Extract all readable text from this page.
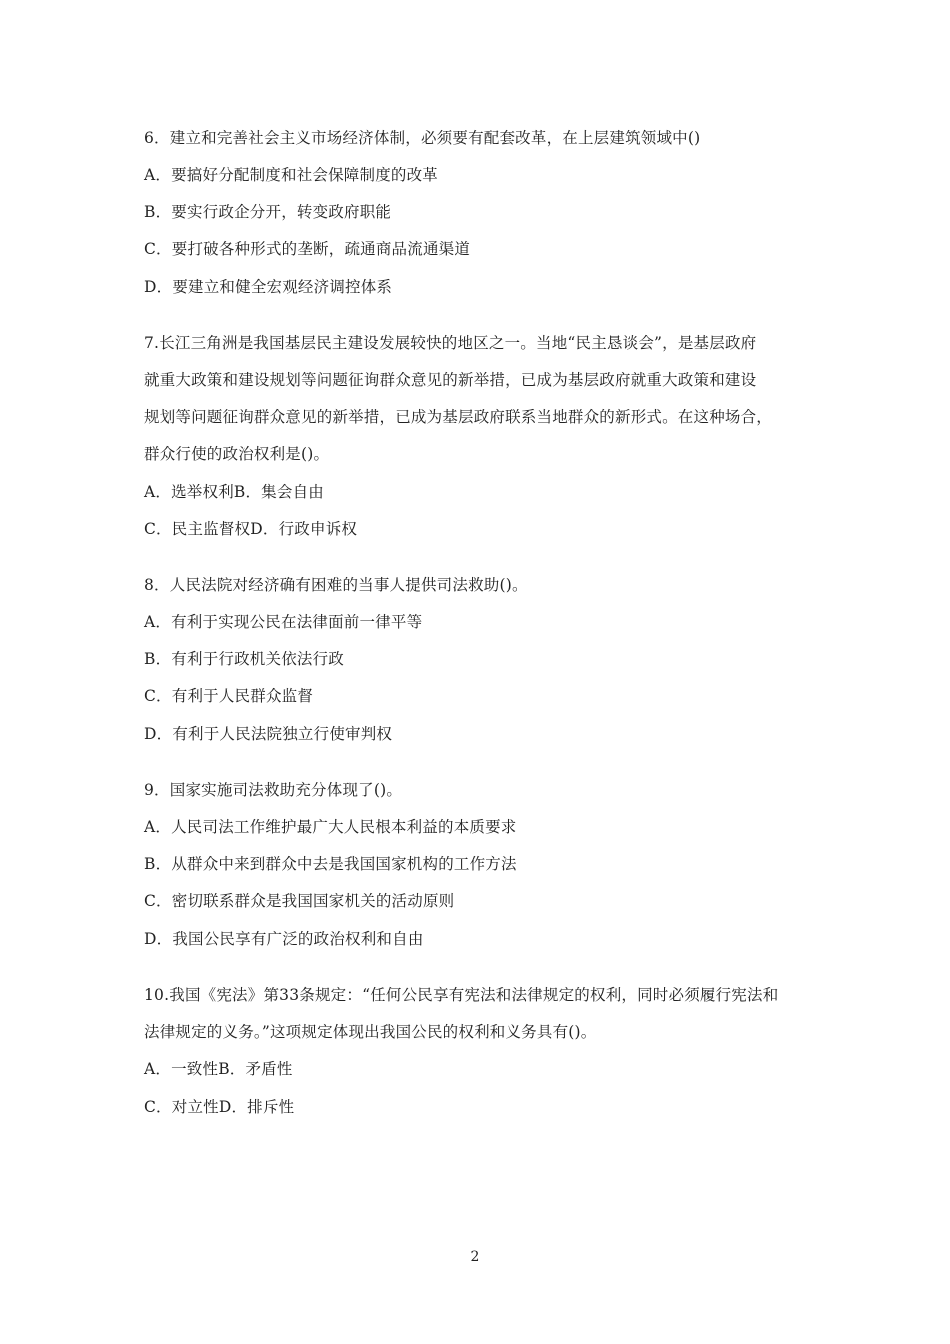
6．建立和完善社会主义市场经济体制，必须要有配套改革，在上层建筑领域中()
A．要搞好分配制度和社会保障制度的改革
B．要实行政企分开，转变政府职能
C．要打破各种形式的垄断，疏通商品流通渠道
D．要建立和健全宏观经济调控体系
7.长江三角洲是我国基层民主建设发展较快的地区之一。当地“民主恳谈会”，是基层政府
就重大政策和建设规划等问题征询群众意见的新举措，已成为基层政府就重大政策和建设
规划等问题征询群众意见的新举措，已成为基层政府联系当地群众的新形式。在这种场合，
群众行使的政治权利是()。
A．选举权利B．集会自由
C．民主监督权D．行政申诉权
8．人民法院对经济确有困难的当事人提供司法救助()。
A．有利于实现公民在法律面前一律平等
B．有利于行政机关依法行政
C．有利于人民群众监督
D．有利于人民法院独立行使审判权
9．国家实施司法救助充分体现了()。
A．人民司法工作维护最广大人民根本利益的本质要求
B．从群众中来到群众中去是我国国家机构的工作方法
C．密切联系群众是我国国家机关的活动原则
D．我国公民享有广泛的政治权利和自由
10.我国《宪法》第33条规定：“任何公民享有宪法和法律规定的权利，同时必须履行宪法和
法律规定的义务。”这项规定体现出我国公民的权利和义务具有()。
A．一致性B．矛盾性
C．对立性D．排斥性
2
